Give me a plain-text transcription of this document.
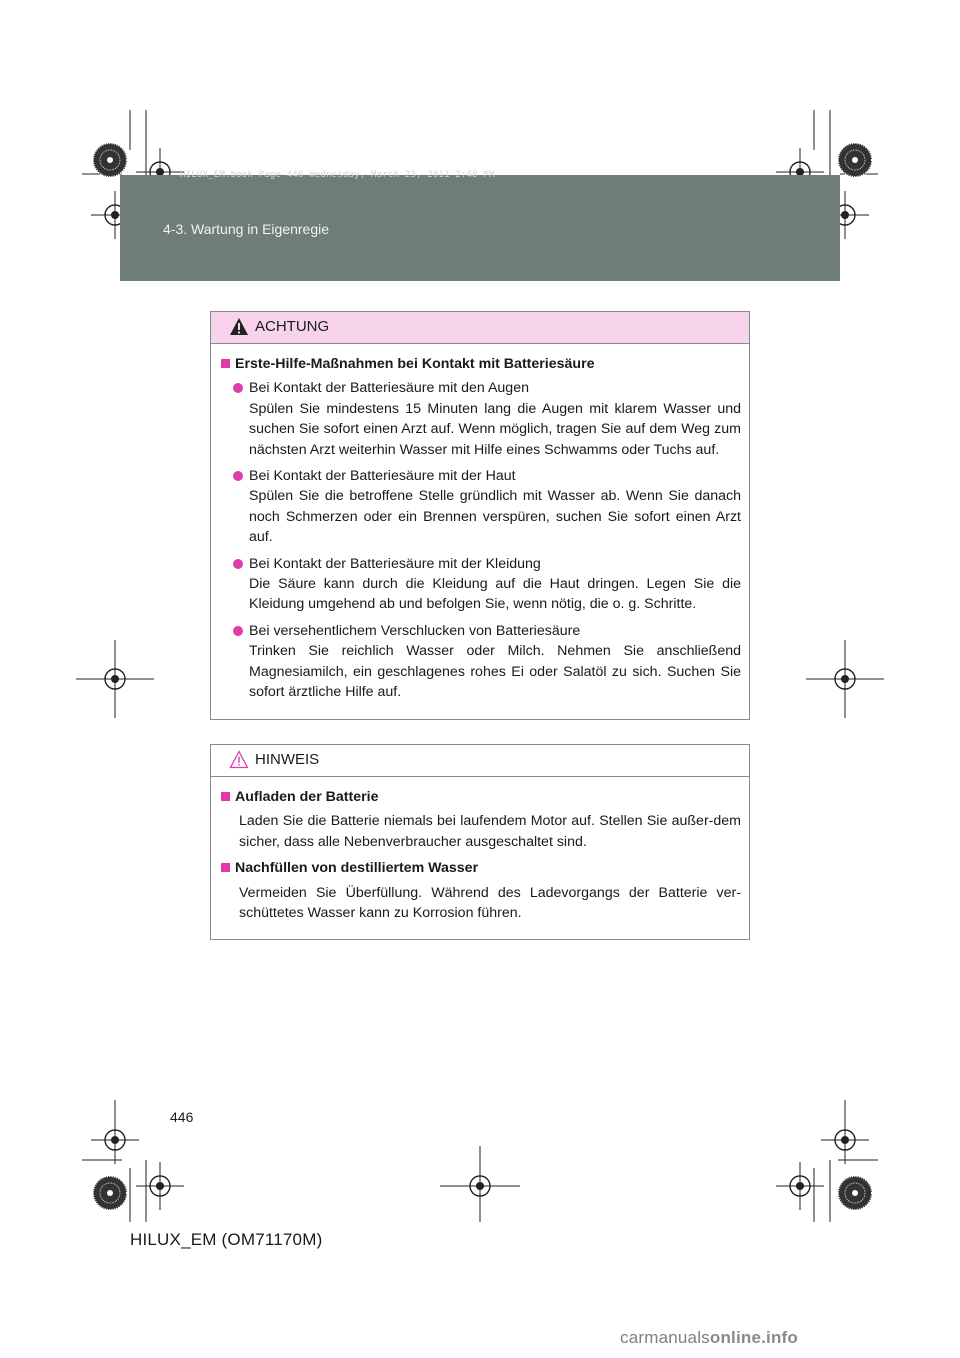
HILUX_EM.book Page 446 Wednesday, March 23, 2011 2:48 PM
4-3. Wartung in Eigenregie
ACHTUNG
Erste-Hilfe-Maßnahmen bei Kontakt mit Batteriesäure
Bei Kontakt der Batteriesäure mit den Augen
Spülen Sie mindestens 15 Minuten lang die Augen mit klarem Wasser und suchen Sie sofort einen Arzt auf. Wenn möglich, tragen Sie auf dem Weg zum nächsten Arzt weiterhin Wasser mit Hilfe eines Schwamms oder Tuchs auf.
Bei Kontakt der Batteriesäure mit der Haut
Spülen Sie die betroffene Stelle gründlich mit Wasser ab. Wenn Sie danach noch Schmerzen oder ein Brennen verspüren, suchen Sie sofort einen Arzt auf.
Bei Kontakt der Batteriesäure mit der Kleidung
Die Säure kann durch die Kleidung auf die Haut dringen. Legen Sie die Kleidung umgehend ab und befolgen Sie, wenn nötig, die o. g. Schritte.
Bei versehentlichem Verschlucken von Batteriesäure
Trinken Sie reichlich Wasser oder Milch. Nehmen Sie anschließend Magnesiamilch, ein geschlagenes rohes Ei oder Salatöl zu sich. Suchen Sie sofort ärztliche Hilfe auf.
HINWEIS
Aufladen der Batterie
Laden Sie die Batterie niemals bei laufendem Motor auf. Stellen Sie außer-dem sicher, dass alle Nebenverbraucher ausgeschaltet sind.
Nachfüllen von destilliertem Wasser
Vermeiden Sie Überfüllung. Während des Ladevorgangs der Batterie ver-schüttetes Wasser kann zu Korrosion führen.
446
HILUX_EM (OM71170M)
carmanualsonline.info
